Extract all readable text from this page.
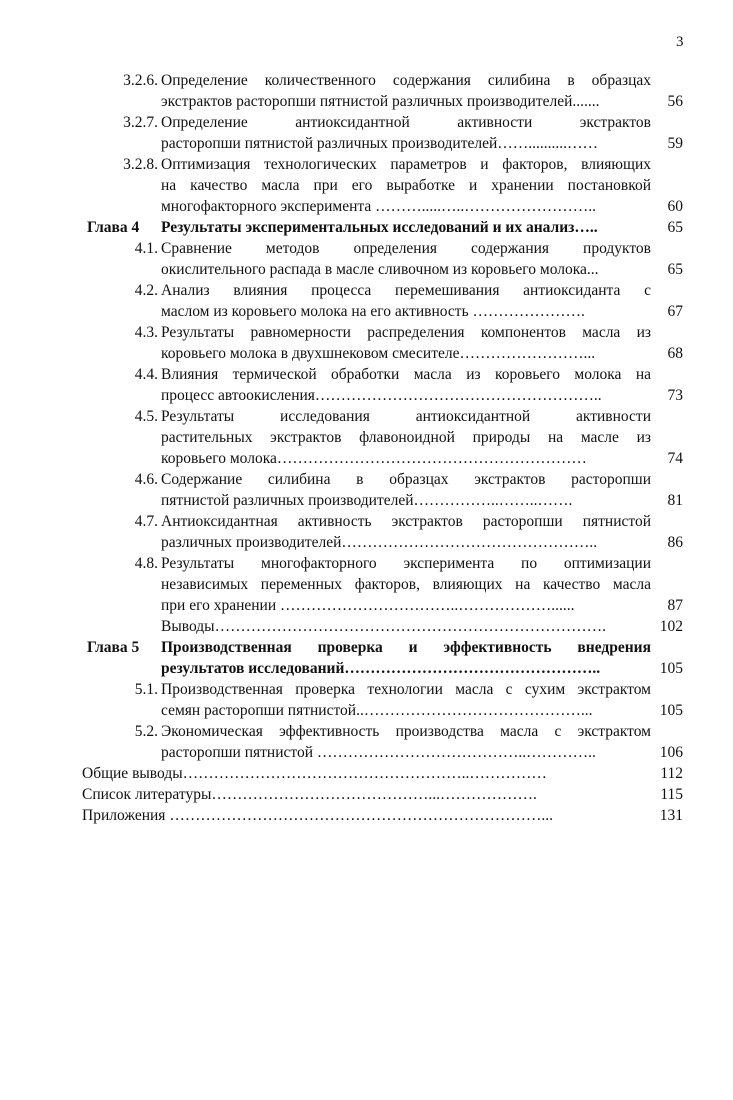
3
3.2.6. Определение количественного содержания силибина в образцах
экстрактов расторопши пятнистой различных производителей.......	56
3.2.7. Определение антиоксидантной активности экстрактов
расторопши пятнистой различных производителей……..........……	59
3.2.8. Оптимизация технологических параметров и факторов, влияющих
на качество масла при его выработке и хранении постановкой
многофакторного эксперимента ……….....…..……………………..	60
Глава 4	Результаты экспериментальных исследований и их анализ…..	65
4.1. Сравнение методов определения содержания продуктов
окислительного распада в масле сливочном из коровьего молока...	65
4.2. Анализ влияния процесса перемешивания антиоксиданта с
маслом из коровьего молока на его активность ………………….	67
4.3. Результаты равномерности распределения компонентов масла из
коровьего молока в двухшнековом смесителе……………………...	68
4.4. Влияния термической обработки масла из коровьего молока на
процесс автоокисления………………………………………………..	73
4.5. Результаты исследования антиоксидантной активности
растительных экстрактов флавоноидной природы на масле из
коровьего молока……………………………………………………	74
4.6. Содержание силибина в образцах экстрактов расторопши
пятнистой различных производителей……………..……..…….	81
4.7. Антиоксидантная активность экстрактов расторопши пятнистой
различных производителей…………………………………………..	86
4.8. Результаты многофакторного эксперимента по оптимизации
независимых переменных факторов, влияющих на качество масла
при его хранении ……………………………..………………......	87
Выводы………………………………………………………………….	102
Глава 5	Производственная проверка и эффективность внедрения
результатов исследований…………………………………………..	105
5.1. Производственная проверка технологии масла с сухим экстрактом
семян расторопши пятнистой..……………………………………...	105
5.2. Экономическая эффективность производства масла с экстрактом
расторопши пятнистой …………………………………..…………..	106
Общие выводы………………………………………………..……………	112
Список литературы……………………………………...……………….	115
Приложения ………………………………………………………………...	131
